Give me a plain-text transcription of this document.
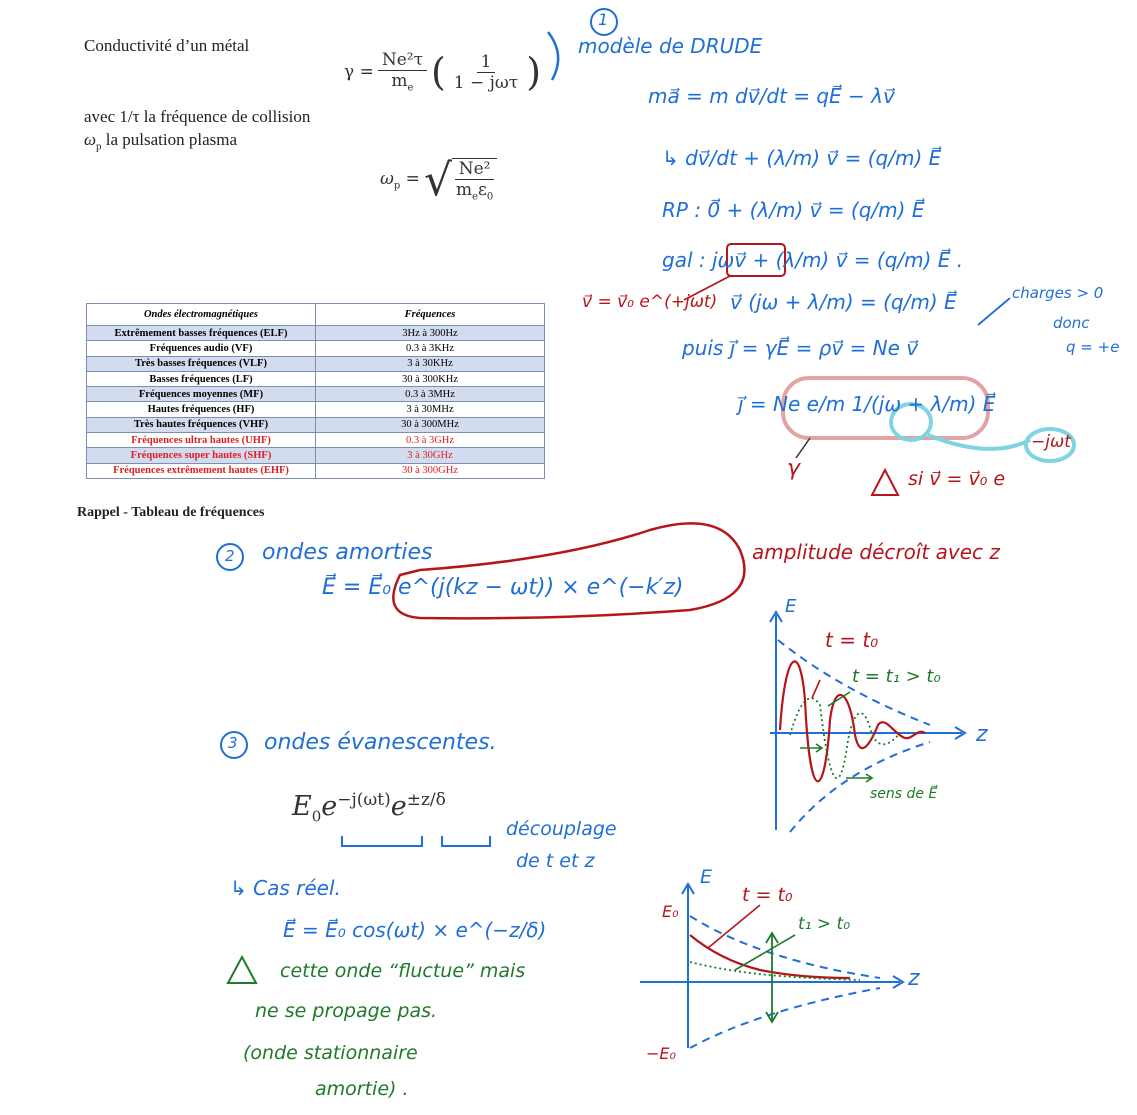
Conductivité d’un métal
$\gamma = \frac{\text{Ne²τ}}{m_e}$ ( $\frac{1}{\text{1 − jωτ}}$ )
avec 1/τ la fréquence de collision
$\omega_p$ la pulsation plasma
$\omega_p$ = √ $\frac{\text{Ne²}}{m_e\varepsilon_0}$
Ondes électromagnétiques	Fréquences
Extrêmement basses fréquences (ELF)	3Hz à 300Hz
Fréquences audio (VF)	0.3 à 3KHz
Très basses fréquences (VLF)	3 à 30KHz
Basses fréquences (LF)	30 à 300KHz
Fréquences moyennes (MF)	0.3 à 3MHz
Hautes fréquences (HF)	3 à 30MHz
Très hautes fréquences (VHF)	30 à 300MHz
Fréquences ultra hautes (UHF)	0.3 à 3GHz
Fréquences super hautes (SHF)	3 à 30GHz
Fréquences extrêmement hautes (EHF)	30 à 300GHz
Rappel - Tableau de fréquences
$E_0e^{-j(\omega t)}e^{\pm z/\delta}$
1
modèle de DRUDE
ma⃗ = m dv⃗/dt = qE⃗ − λv⃗
↳ dv⃗/dt + (λ/m) v⃗ = (q/m) E⃗
RP : 0⃗ + (λ/m) v⃗ = (q/m) E⃗
gal : jωv⃗ + (λ/m) v⃗ = (q/m) E⃗ .
v⃗ = v⃗₀ e^(+jωt) v⃗ (jω + λ/m) = (q/m) E⃗	charges > 0
donc
q = +e
puis j⃗ = γE⃗ = ρv⃗ = Ne v⃗
j⃗ = Ne e/m 1/(jω + λ/m) E⃗
γ
−jωt
si v⃗ = v⃗₀ e
2 ondes amorties
E⃗ = E⃗₀ e^(j(kz − ωt)) × e^(−k′z)
amplitude décroît avec z
E
z
t = t₀
t = t₁ > t₀
sens de E⃗
3 ondes évanescentes.
découplage
de t et z
↳ Cas réel.
E⃗ = E⃗₀ cos(ωt) × e^(−z/δ)
cette onde “fluctue” mais
ne se propage pas.
(onde stationnaire
amortie) .
E
z
E₀
−E₀
t = t₀
t₁ > t₀
